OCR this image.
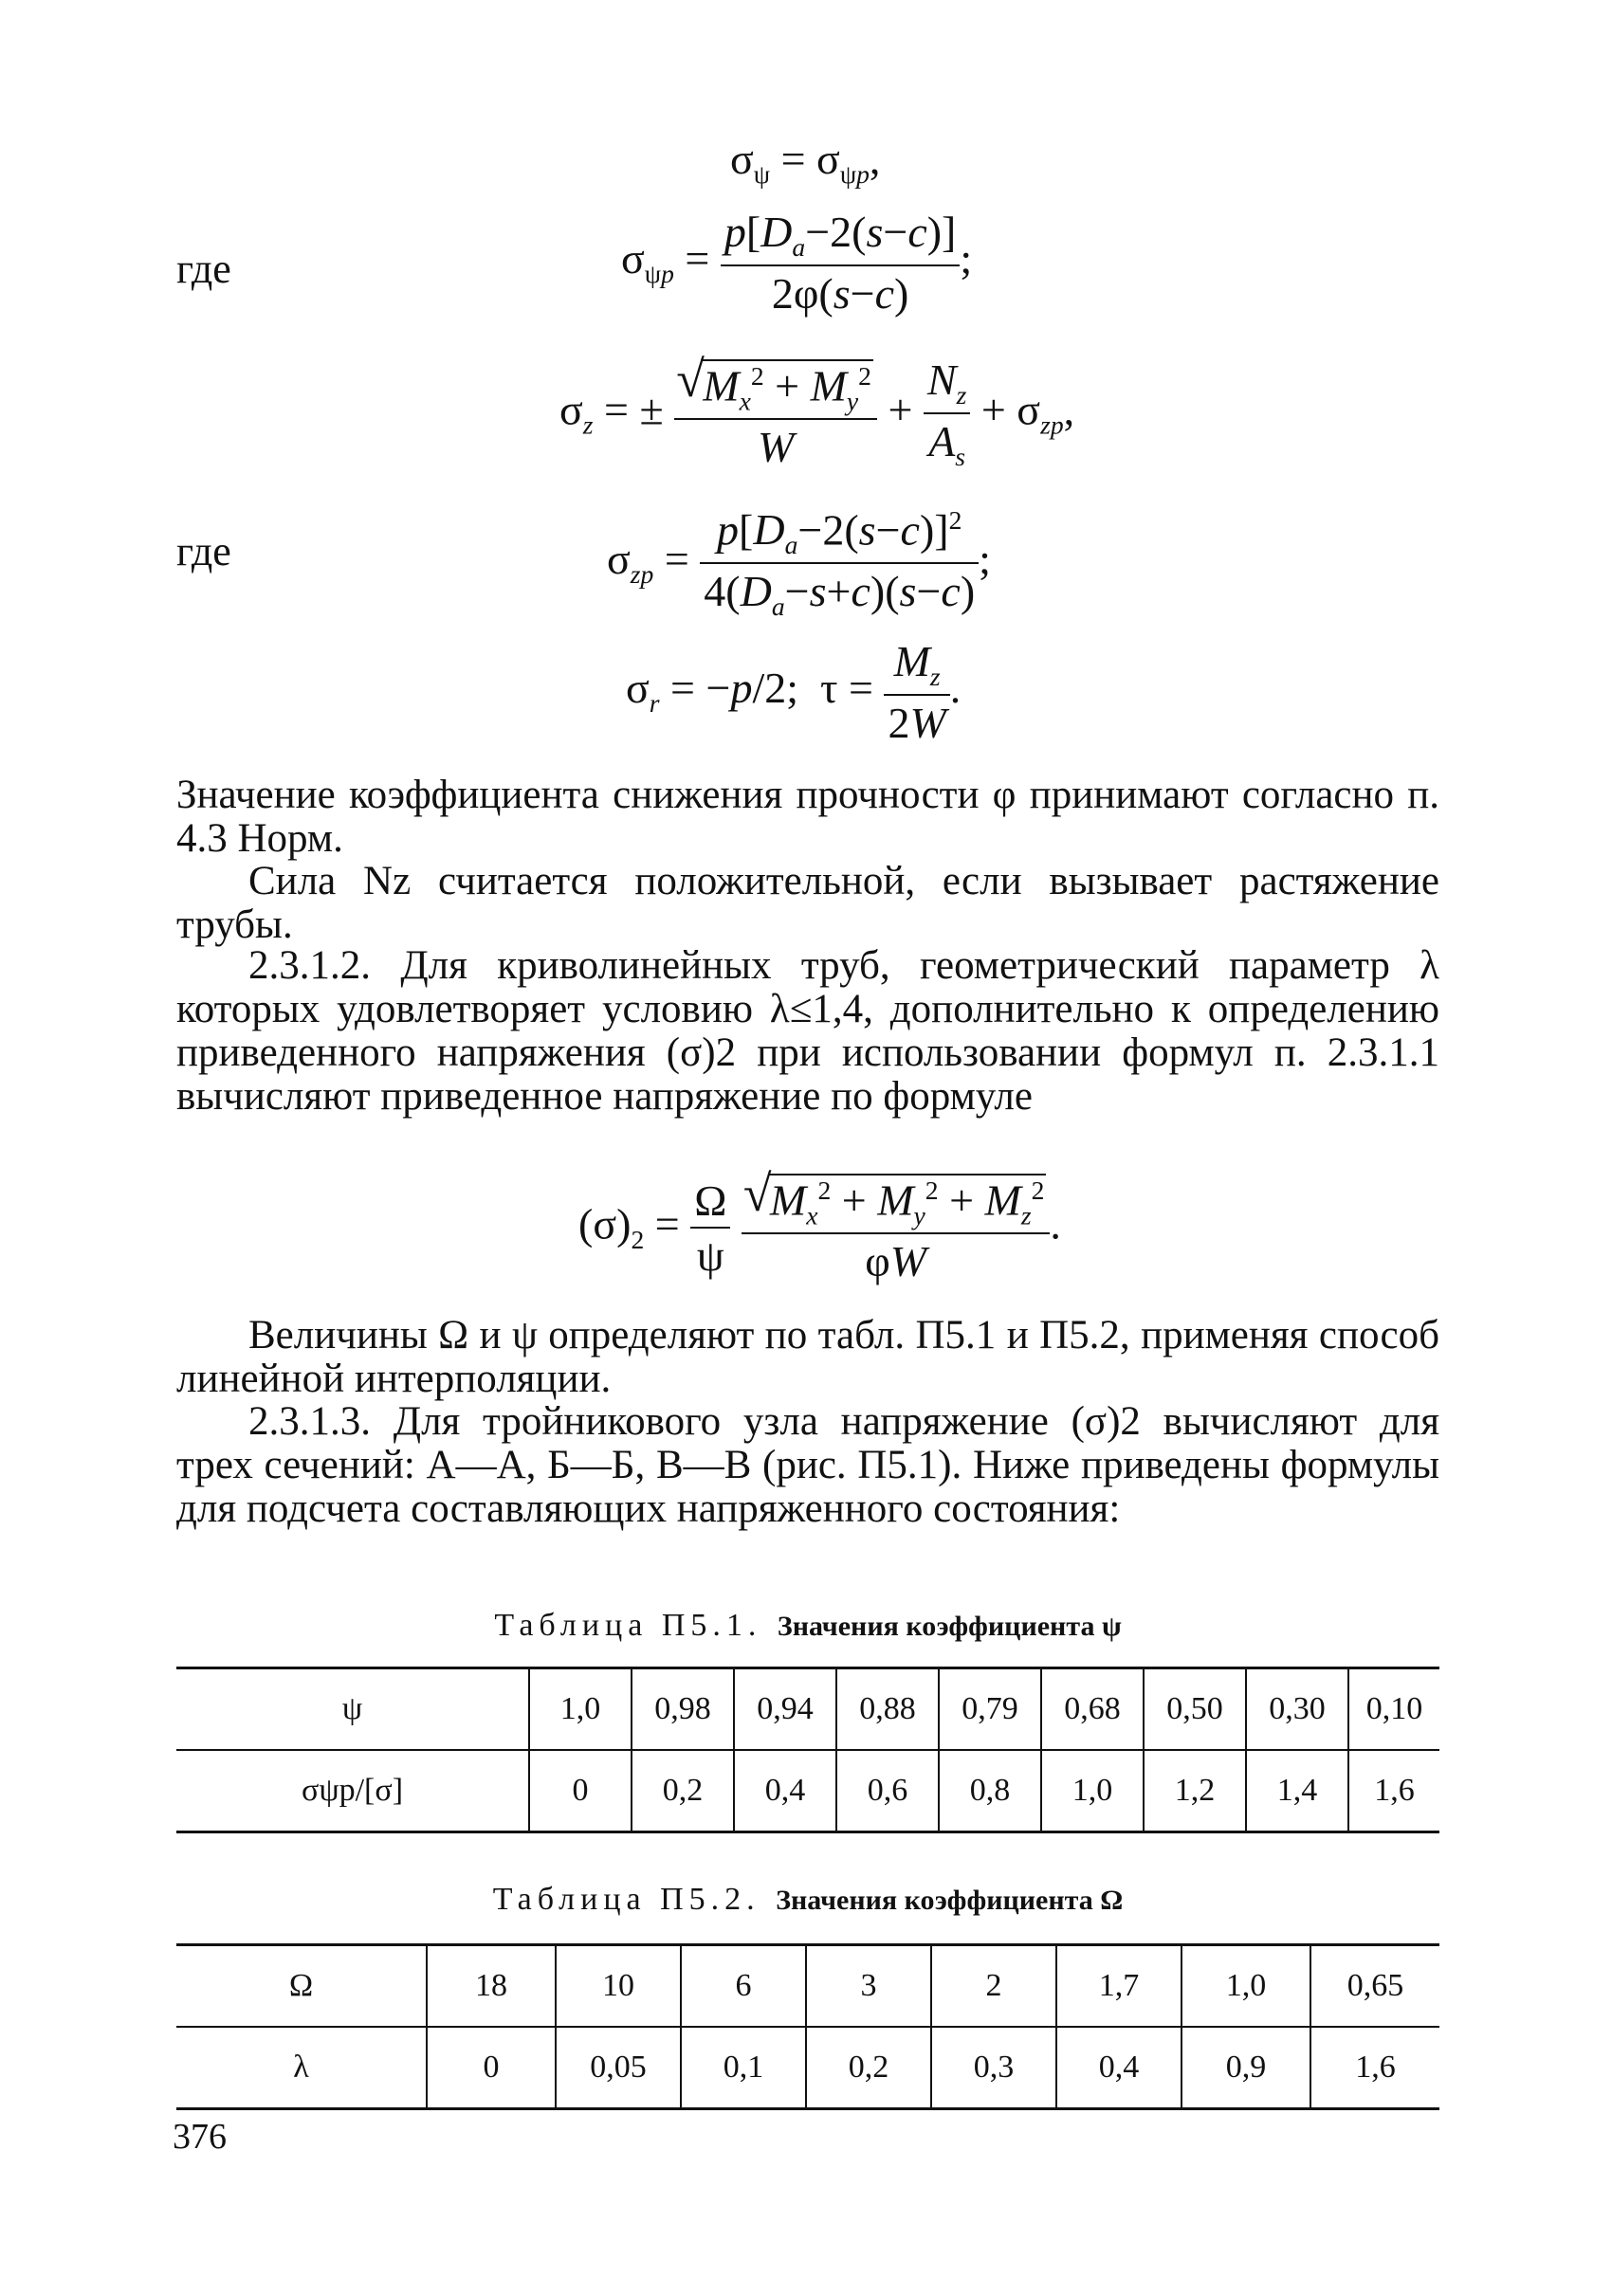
$\sigma_\psi = \sigma_{\psi p}$,
где	$\sigma_{\psi p} = \frac{p[D_a-2(s-c)]}{2\varphi(s-c)}$ ;
$\sigma_z$ = ± √ $\frac{M_x^2 + M_y^2}{W} + \frac{N_z}{A_s} + \sigma_{zp}$,
где	$\sigma_{zp} = \frac{p[D_a-2(s-c)]^2}{4(D_a-s+c)(s-c)}$ ;
$\sigma_r = -p/2$;  $\tau = \frac{M_z}{2W}$ .

Значение коэффициента снижения прочности φ принимают согласно п. 4.3 Норм.

Сила Nz считается положительной, если вызывает растяжение трубы.

2.3.1.2. Для криволинейных труб, геометрический параметр λ которых удовлетворяет условию λ≤1,4, дополнительно к определению приведенного напряжения (σ)2 при использовании формул п. 2.3.1.1 вычисляют приведенное напряжение по формуле

$(\sigma)_2 = \frac{\Omega}{\psi}$
√ $\frac{M_x^2 + M_y^2 + M_z^2}{\varphi W}$ .

Величины Ω и ψ определяют по табл. П5.1 и П5.2, применяя способ линейной интерполяции.

2.3.1.3. Для тройникового узла напряжение (σ)2 вычисляют для трех сечений: А—А, Б—Б, В—В (рис. П5.1). Ниже приведены формулы для подсчета составляющих напряженного состояния:

Таблица П5.1. Значения коэффициента ψ
ψ	1,0	0,98	0,94	0,88	0,79	0,68	0,50	0,30	0,10
σψp/[σ]	0	0,2	0,4	0,6	0,8	1,0	1,2	1,4	1,6
Таблица П5.2. Значения коэффициента Ω
Ω	18	10	6	3	2	1,7	1,0	0,65
λ	0	0,05	0,1	0,2	0,3	0,4	0,9	1,6
376
